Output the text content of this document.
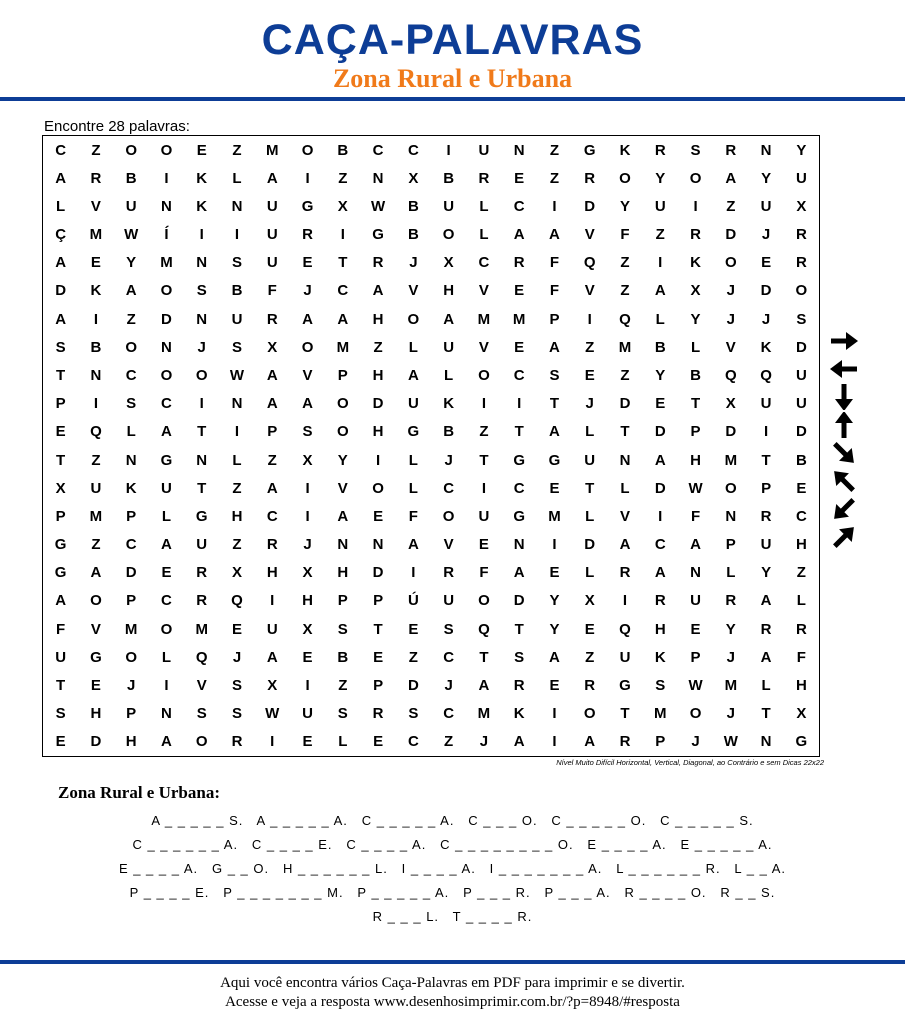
CAÇA-PALAVRAS
Zona Rural e Urbana
Encontre 28 palavras:
C	Z	O	O	E	Z	M	O	B	C	C	I	U	N	Z	G	K	R	S	R	N	Y
A	R	B	I	K	L	A	I	Z	N	X	B	R	E	Z	R	O	Y	O	A	Y	U
L	V	U	N	K	N	U	G	X	W	B	U	L	C	I	D	Y	U	I	Z	U	X
Ç	M	W	Í	I	I	U	R	I	G	B	O	L	A	A	V	F	Z	R	D	J	R
A	E	Y	M	N	S	U	E	T	R	J	X	C	R	F	Q	Z	I	K	O	E	R
D	K	A	O	S	B	F	J	C	A	V	H	V	E	F	V	Z	A	X	J	D	O
A	I	Z	D	N	U	R	A	A	H	O	A	M	M	P	I	Q	L	Y	J	J	S
S	B	O	N	J	S	X	O	M	Z	L	U	V	E	A	Z	M	B	L	V	K	D
T	N	C	O	O	W	A	V	P	H	A	L	O	C	S	E	Z	Y	B	Q	Q	U
P	I	S	C	I	N	A	A	O	D	U	K	I	I	T	J	D	E	T	X	U	U
E	Q	L	A	T	I	P	S	O	H	G	B	Z	T	A	L	T	D	P	D	I	D
T	Z	N	G	N	L	Z	X	Y	I	L	J	T	G	G	U	N	A	H	M	T	B
X	U	K	U	T	Z	A	I	V	O	L	C	I	C	E	T	L	D	W	O	P	E
P	M	P	L	G	H	C	I	A	E	F	O	U	G	M	L	V	I	F	N	R	C
G	Z	C	A	U	Z	R	J	N	N	A	V	E	N	I	D	A	C	A	P	U	H
G	A	D	E	R	X	H	X	H	D	I	R	F	A	E	L	R	A	N	L	Y	Z
A	O	P	C	R	Q	I	H	P	P	Ú	U	O	D	Y	X	I	R	U	R	A	L
F	V	M	O	M	E	U	X	S	T	E	S	Q	T	Y	E	Q	H	E	Y	R	R
U	G	O	L	Q	J	A	E	B	E	Z	C	T	S	A	Z	U	K	P	J	A	F
T	E	J	I	V	S	X	I	Z	P	D	J	A	R	E	R	G	S	W	M	L	H
S	H	P	N	S	S	W	U	S	R	S	C	M	K	I	O	T	M	O	J	T	X
E	D	H	A	O	R	I	E	L	E	C	Z	J	A	I	A	R	P	J	W	N	G
Nível Muito Difícil Horizontal, Vertical, Diagonal, ao Contrário e sem Dicas 22x22
Zona Rural e Urbana:
A _ _ _ _ _ S.   A _ _ _ _ _ A.   C _ _ _ _ _ A.   C _ _ _ O.   C _ _ _ _ _ O.   C _ _ _ _ _ S.
C _ _ _ _ _ _ A.   C _ _ _ _ E.   C _ _ _ _ A.   C _ _ _ _ _ _ _ _ O.   E _ _ _ _ A.   E _ _ _ _ _ A.
E _ _ _ _ A.   G _ _ O.   H _ _ _ _ _ _ L.   I _ _ _ _ A.   I _ _ _ _ _ _ _ A.   L _ _ _ _ _ _ R.   L _ _ A.
P _ _ _ _ E.   P _ _ _ _ _ _ _ M.   P _ _ _ _ _ A.   P _ _ _ R.   P _ _ _ A.   R _ _ _ _ O.   R _ _ S.
R _ _ _ L.   T _ _ _ _ R.
Aqui você encontra vários Caça-Palavras em PDF para imprimir e se divertir.
Acesse e veja a resposta www.desenhosimprimir.com.br/?p=8948/#resposta
